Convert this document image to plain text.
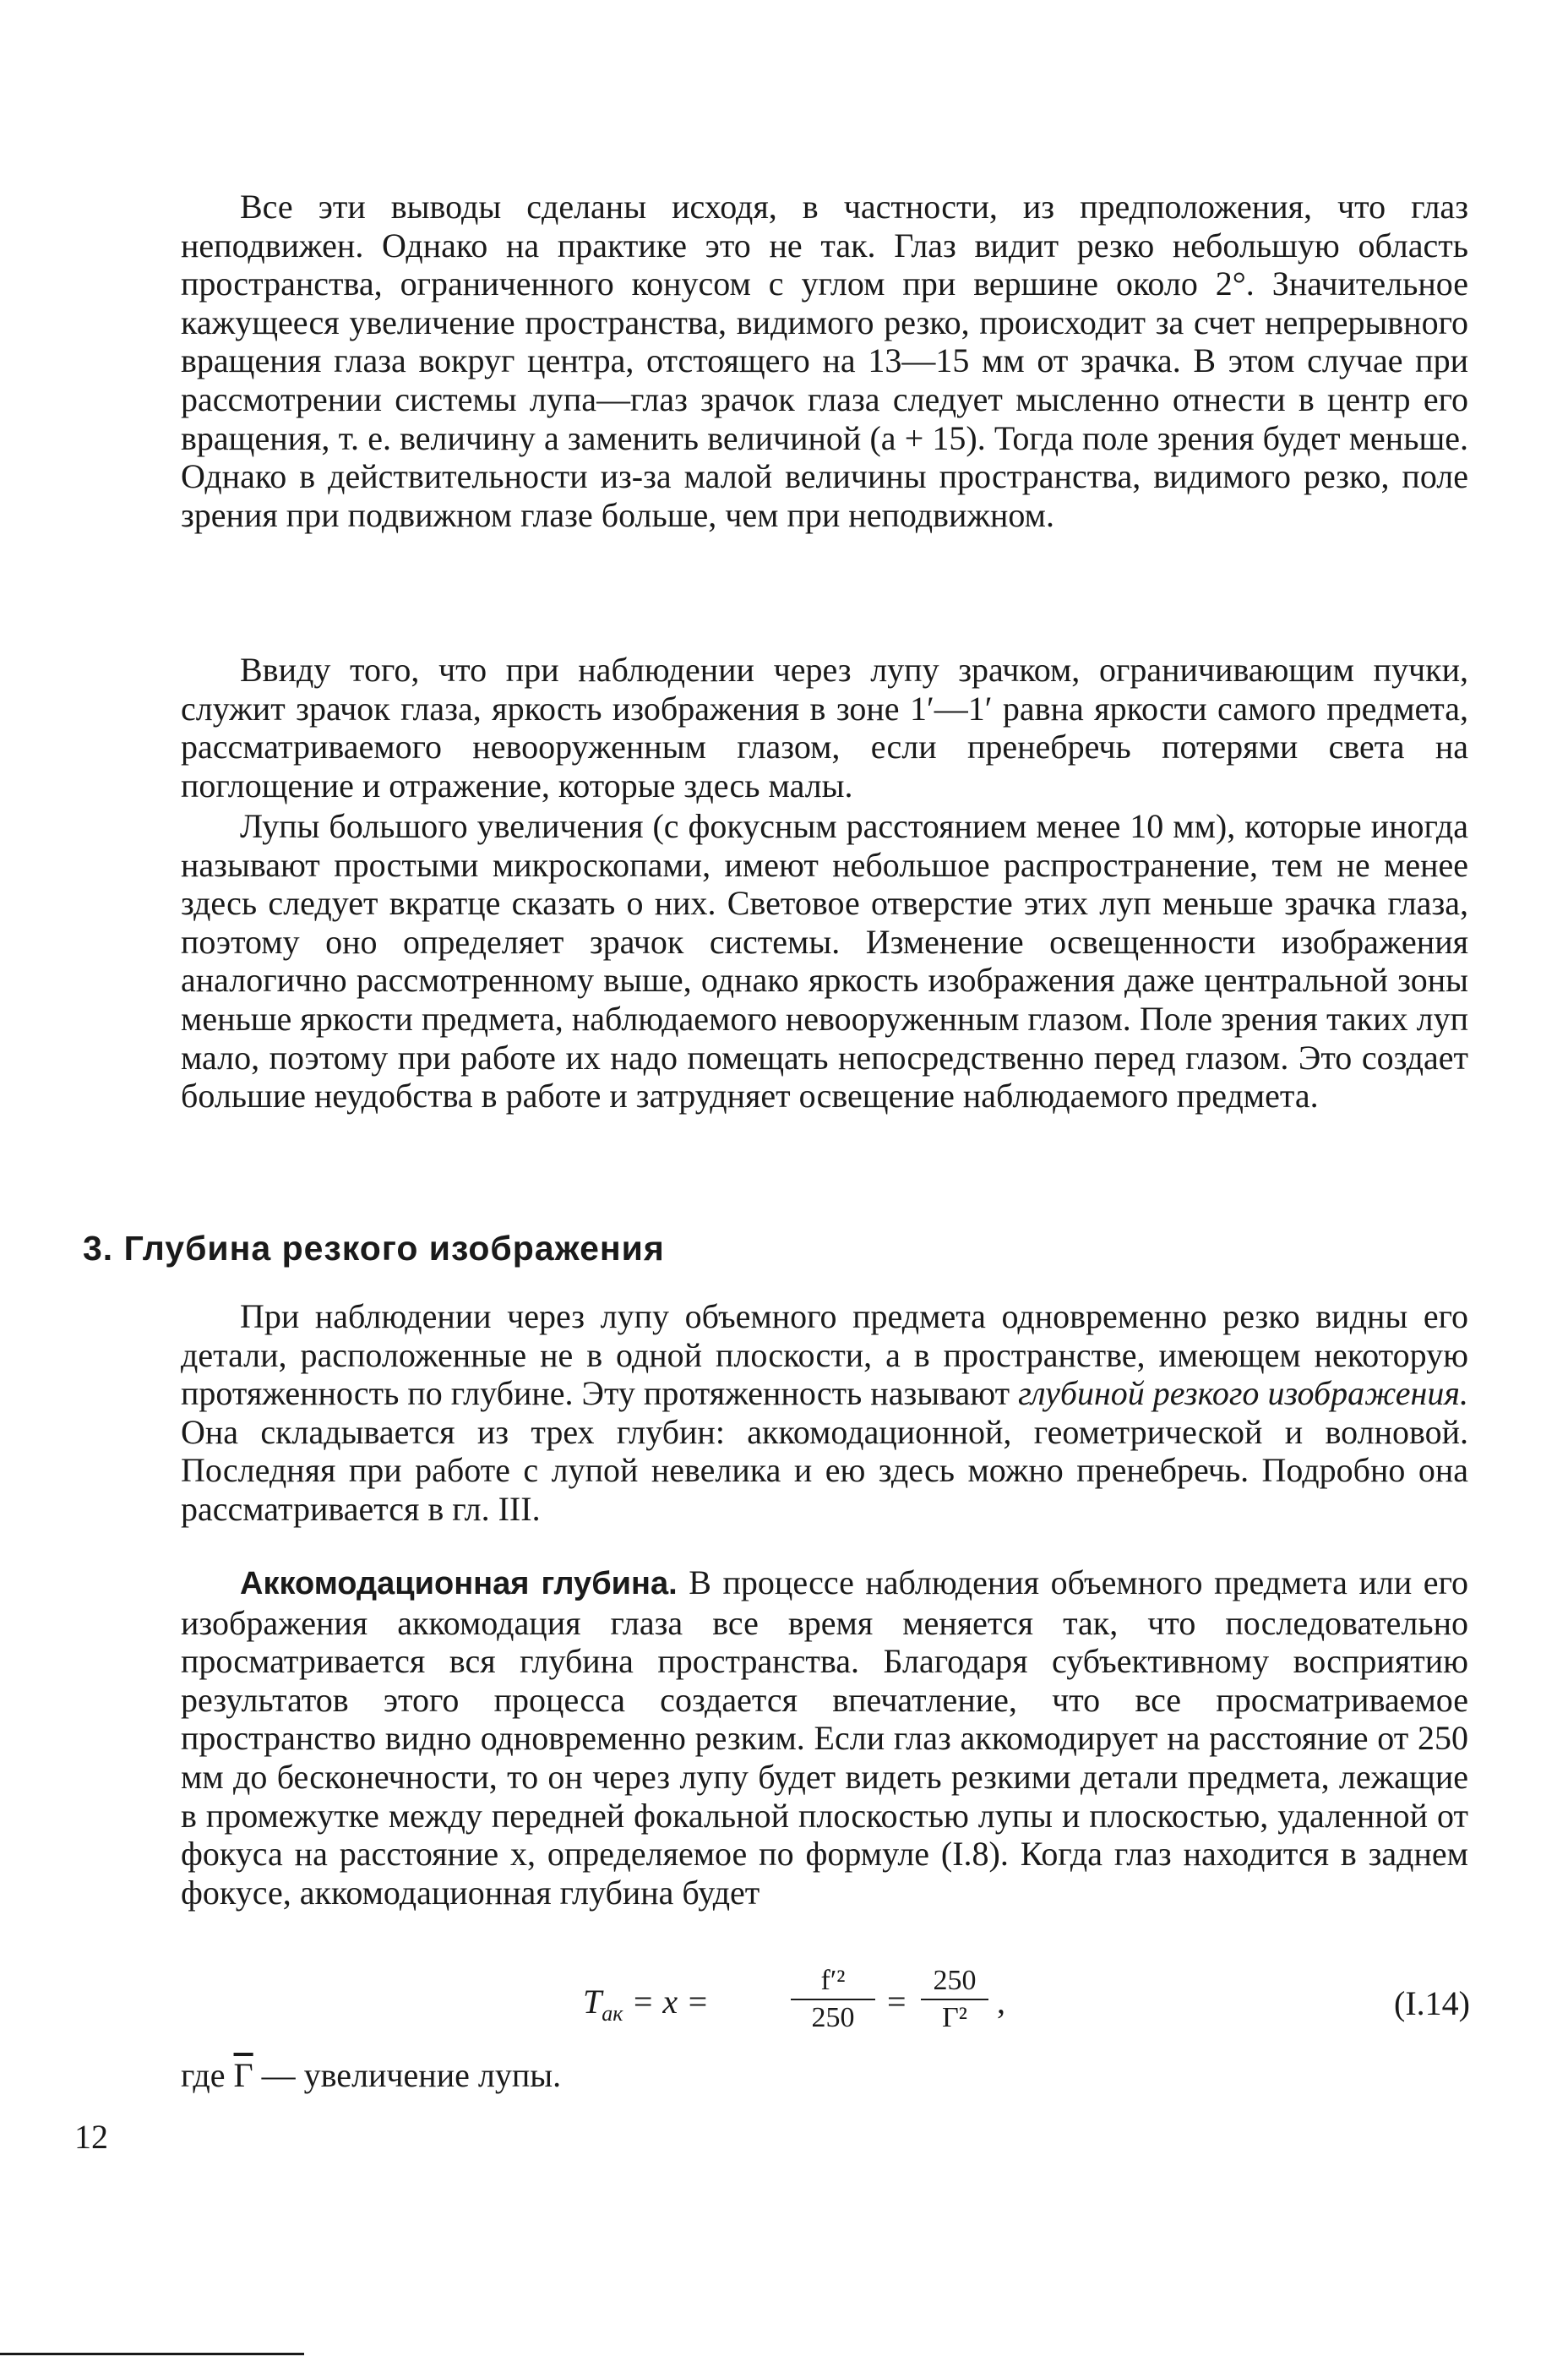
Все эти выводы сделаны исходя, в частности, из предположения, что глаз неподвижен. Однако на практике это не так. Глаз видит резко небольшую область пространства, ограниченного конусом с углом при вершине около 2°. Значительное кажущееся увеличение пространства, видимого резко, происходит за счет непрерывного вращения глаза вокруг центра, отстоящего на 13—15 мм от зрачка. В этом случае при рассмотрении системы лупа—глаз зрачок глаза следует мысленно отнести в центр его вращения, т. е. величину a заменить величиной (a + 15). Тогда поле зрения будет меньше. Однако в действительности из-за малой величины пространства, видимого резко, поле зрения при подвижном глазе больше, чем при неподвижном.

Ввиду того, что при наблюдении через лупу зрачком, ограничивающим пучки, служит зрачок глаза, яркость изображения в зоне 1′—1′ равна яркости самого предмета, рассматриваемого невооруженным глазом, если пренебречь потерями света на поглощение и отражение, которые здесь малы.

Лупы большого увеличения (с фокусным расстоянием менее 10 мм), которые иногда называют простыми микроскопами, имеют небольшое распространение, тем не менее здесь следует вкратце сказать о них. Световое отверстие этих луп меньше зрачка глаза, поэтому оно определяет зрачок системы. Изменение освещенности изображения аналогично рассмотренному выше, однако яркость изображения даже центральной зоны меньше яркости предмета, наблюдаемого невооруженным глазом. Поле зрения таких луп мало, поэтому при работе их надо помещать непосредственно перед глазом. Это создает большие неудобства в работе и затрудняет освещение наблюдаемого предмета.

3. Глубина резкого изображения

При наблюдении через лупу объемного предмета одновременно резко видны его детали, расположенные не в одной плоскости, а в пространстве, имеющем некоторую протяженность по глубине. Эту протяженность называют глубиной резкого изображения. Она складывается из трех глубин: аккомодационной, геометрической и волновой. Последняя при работе с лупой невелика и ею здесь можно пренебречь. Подробно она рассматривается в гл. III.

Аккомодационная глубина. В процессе наблюдения объемного предмета или его изображения аккомодация глаза все время меняется так, что последовательно просматривается вся глубина пространства. Благодаря субъективному восприятию результатов этого процесса создается впечатление, что все просматриваемое пространство видно одновременно резким. Если глаз аккомодирует на расстояние от 250 мм до бесконечности, то он через лупу будет видеть резкими детали предмета, лежащие в промежутке между передней фокальной плоскостью лупы и плоскостью, удаленной от фокуса на расстояние x, определяемое по формуле (I.8). Когда глаз находится в заднем фокусе, аккомодационная глубина будет

$T_{ак} = x$ =
f′²
250 =
250
Г² ,	(I.14)

где Г — увеличение лупы.

12
